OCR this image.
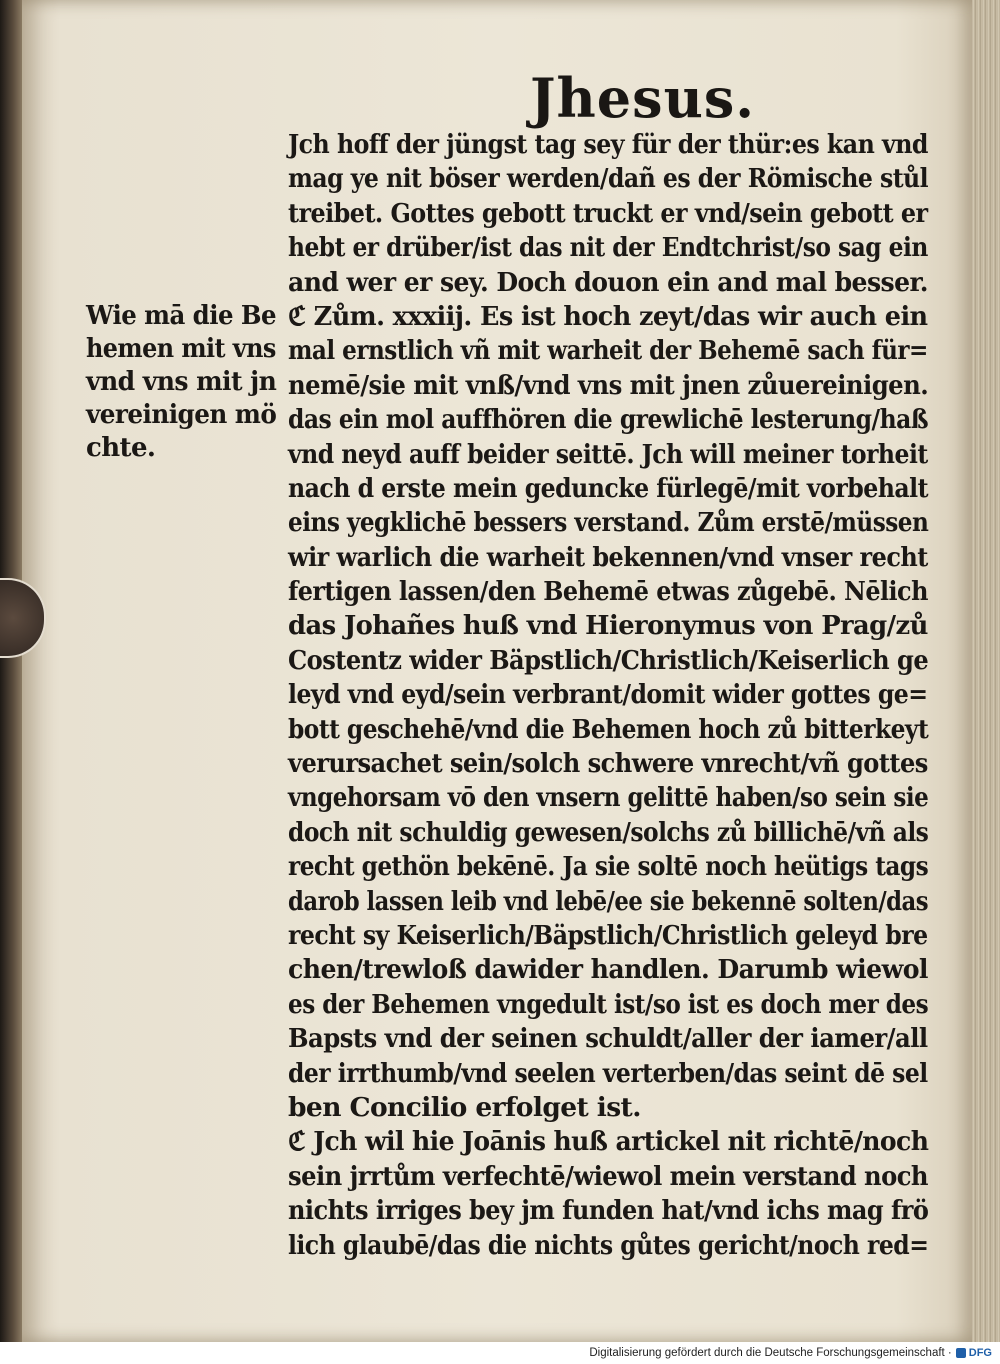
Jhesus.
Wie mā die Be
hemen mit vns
vnd vns mit jn
vereinigen mö
chte.
Jch hoff der jüngst tag sey für der thür:es kan vnd
mag ye nit böser werden/dañ es der Römische stůl
treibet. Gottes gebott truckt er vnd/sein gebott er
hebt er drüber/ist das nit der Endtchrist/so sag ein
and wer er sey. Doch douon ein and mal besser.
ℭ Zům. xxxiij. Es ist hoch zeyt/das wir auch ein
mal ernstlich vñ mit warheit der Behemē sach für=
nemē/sie mit vnß/vnd vns mit jnen zůuereinigen.
das ein mol auffhören die grewlichē lesterung/haß
vnd neyd auff beider seittē. Jch will meiner torheit
nach d erste mein geduncke fürlegē/mit vorbehalt
eins yegklichē bessers verstand. Zům erstē/müssen
wir warlich die warheit bekennen/vnd vnser recht
fertigen lassen/den Behemē etwas zůgebē. Nēlich
das Johañes huß vnd Hieronymus von Prag/zů
Costentz wider Bäpstlich/Christlich/Keiserlich ge
leyd vnd eyd/sein verbrant/domit wider gottes ge=
bott geschehē/vnd die Behemen hoch zů bitterkeyt
verursachet sein/solch schwere vnrecht/vñ gottes
vngehorsam vō den vnsern gelittē haben/so sein sie
doch nit schuldig gewesen/solchs zů billichē/vñ als
recht gethön bekēnē. Ja sie soltē noch heütigs tags
darob lassen leib vnd lebē/ee sie bekennē solten/das
recht sy Keiserlich/Bäpstlich/Christlich geleyd bre
chen/trewloß dawider handlen. Darumb wiewol
es der Behemen vngedult ist/so ist es doch mer des
Bapsts vnd der seinen schuldt/aller der iamer/all
der irrthumb/vnd seelen verterben/das seint dē sel
ben Concilio erfolget ist.
ℭ Jch wil hie Joānis huß artickel nit richtē/noch
sein jrrtům verfechtē/wiewol mein verstand noch
nichts irriges bey jm funden hat/vnd ichs mag frö
lich glaubē/das die nichts gůtes gericht/noch red=
Digitalisierung gefördert durch die Deutsche Forschungsgemeinschaft · DFG
